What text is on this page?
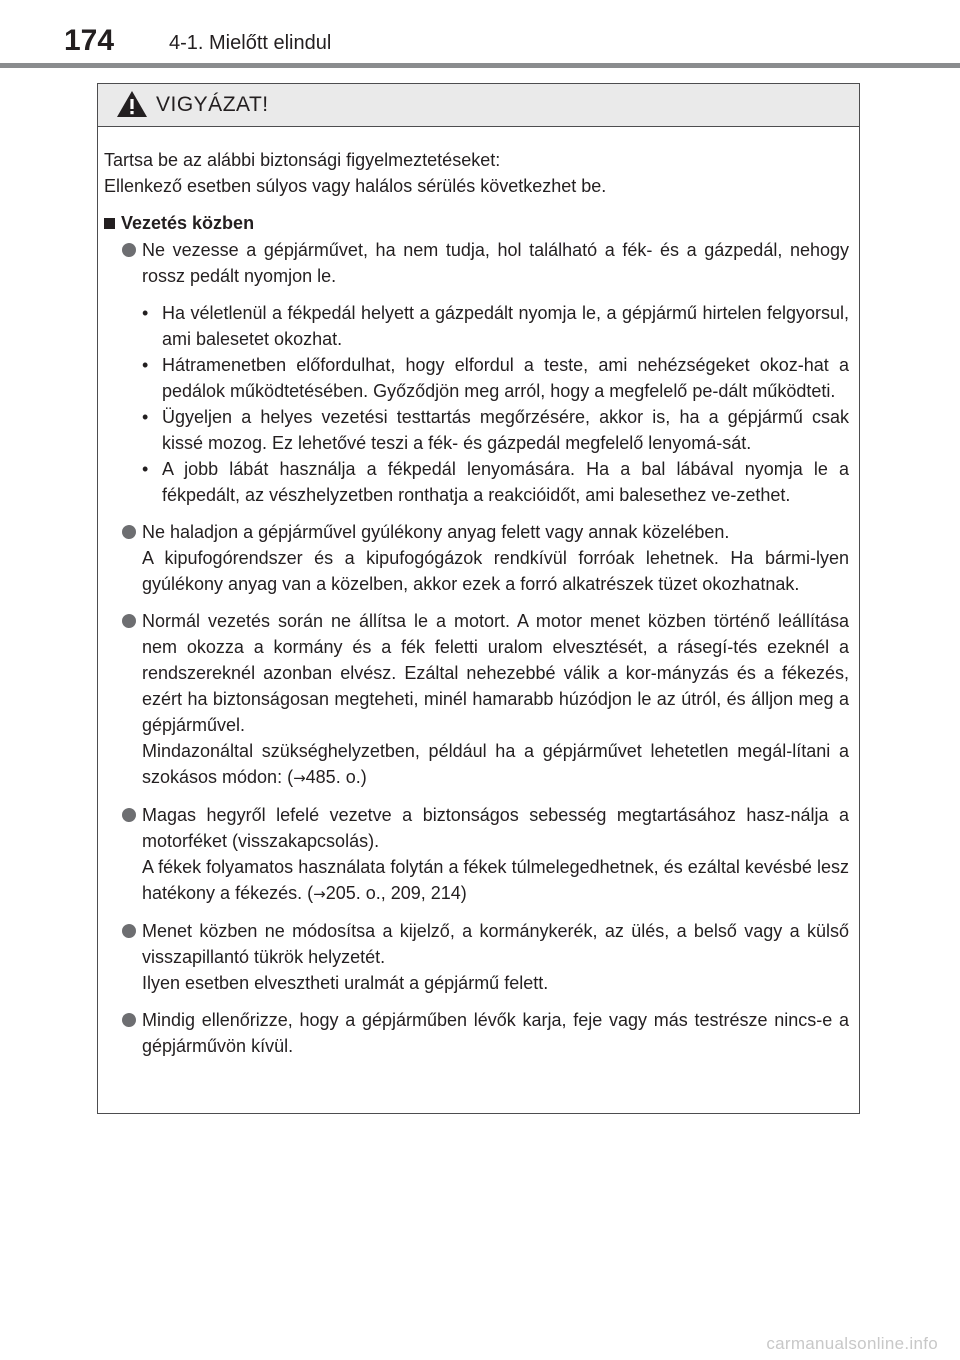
174	4-1. Mielőtt elindul
VIGYÁZAT!

Tartsa be az alábbi biztonsági figyelmeztetéseket:
Ellenkező esetben súlyos vagy halálos sérülés következhet be.

Vezetés közben

Ne vezesse a gépjárművet, ha nem tudja, hol található a fék- és a gázpedál, nehogy rossz pedált nyomjon le.

• Ha véletlenül a fékpedál helyett a gázpedált nyomja le, a gépjármű hirtelen felgyorsul, ami balesetet okozhat.
• Hátramenetben előfordulhat, hogy elfordul a teste, ami nehézségeket okoz-hat a pedálok működtetésében. Győződjön meg arról, hogy a megfelelő pe-dált működteti.
• Ügyeljen a helyes vezetési testtartás megőrzésére, akkor is, ha a gépjármű csak kissé mozog. Ez lehetővé teszi a fék- és gázpedál megfelelő lenyomá-sát.
• A jobb lábát használja a fékpedál lenyomására. Ha a bal lábával nyomja le a fékpedált, az vészhelyzetben ronthatja a reakcióidőt, ami balesethez ve-zethet.

Ne haladjon a gépjárművel gyúlékony anyag felett vagy annak közelében.

A kipufogórendszer és a kipufogógázok rendkívül forróak lehetnek. Ha bármi-lyen gyúlékony anyag van a közelben, akkor ezek a forró alkatrészek tüzet okozhatnak.

Normál vezetés során ne állítsa le a motort. A motor menet közben történő leállítása nem okozza a kormány és a fék feletti uralom elvesztését, a rásegí-tés ezeknél a rendszereknél azonban elvész. Ezáltal nehezebbé válik a kor-mányzás és a fékezés, ezért ha biztonságosan megteheti, minél hamarabb húzódjon le az útról, és álljon meg a gépjárművel.

Mindazonáltal szükséghelyzetben, például ha a gépjárművet lehetetlen megál-lítani a szokásos módon: (→485. o.)

Magas hegyről lefelé vezetve a biztonságos sebesség megtartásához hasz-nálja a motorféket (visszakapcsolás).

A fékek folyamatos használata folytán a fékek túlmelegedhetnek, és ezáltal kevésbé lesz hatékony a fékezés. (→205. o., 209, 214)

Menet közben ne módosítsa a kijelző, a kormánykerék, az ülés, a belső vagy a külső visszapillantó tükrök helyzetét.

Ilyen esetben elvesztheti uralmát a gépjármű felett.

Mindig ellenőrizze, hogy a gépjárműben lévők karja, feje vagy más testrésze nincs-e a gépjárművön kívül.

carmanualsonline.info
